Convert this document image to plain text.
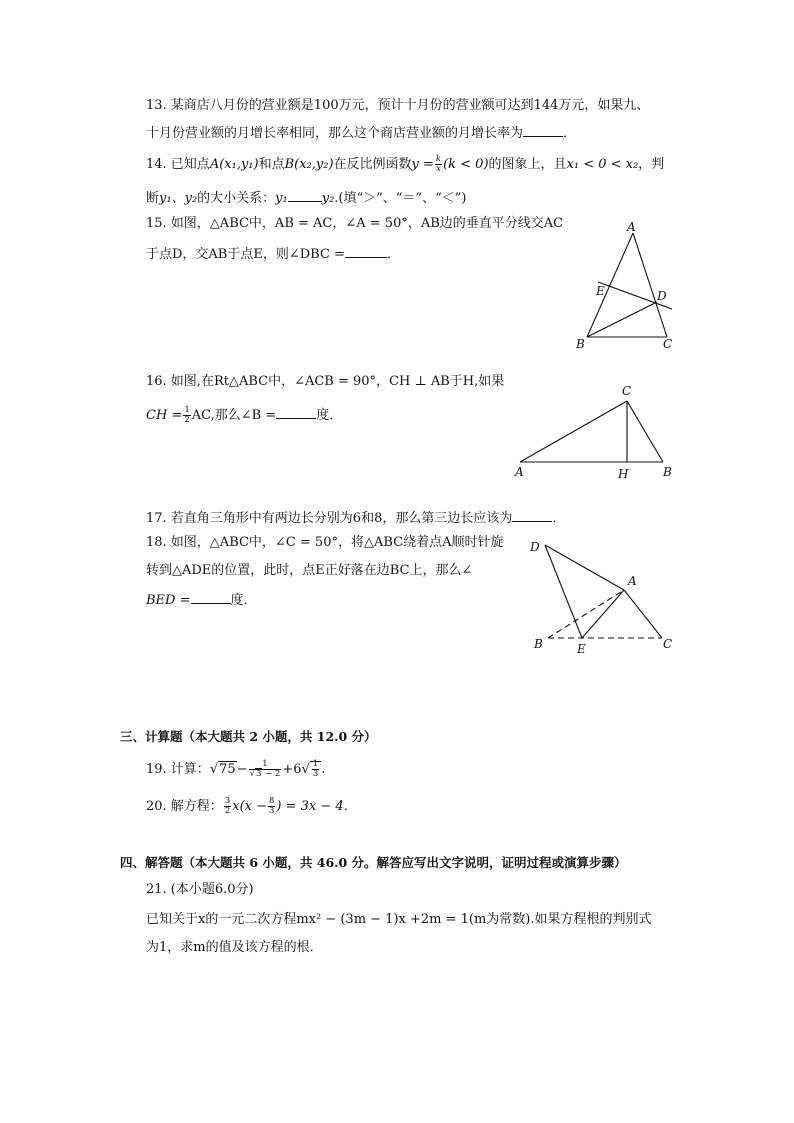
13. 某商店八月份的营业额是100万元，预计十月份的营业额可达到144万元，如果九、
十月份营业额的月增长率相同，那么这个商店营业额的月增长率为	．
14. 已知点A(x₁,y₁)和点B(x₂,y₂)在反比例函数$y = \frac{k}{x} (k < 0)$的图象上，且x₁ < 0 < x₂，判
断y₁、y₂的大小关系：y₁	y₂.(填“＞”、“＝”、“＜”)
15. 如图，△ABC中，AB = AC，∠A = 50°，AB边的垂直平分线交AC
于点D，交AB于点E，则∠DBC =	．
A
B	C
D
E
16. 如图,在Rt△ABC中，∠ACB = 90°，CH ⊥ AB于H,如果
CH = $\frac{1}{2}$ AC,那么∠B =	度．
A	B
C
H
17. 若直角三角形中有两边长分别为6和8，那么第三边长应该为	．
18. 如图，△ABC中，∠C = 50°，将△ABC绕着点A顺时针旋
转到△ADE的位置，此时，点E正好落在边BC上，那么∠
BED =	度．
D
A
B	E	C
三、计算题（本大题共 2 小题，共 12.0 分）
19. 计算：$√75- \frac{1}{√3 - 2} +6√ \frac{1}{3}$ .
20. 解方程： $\frac{3}{2} x(x - \frac{8}{3}$ ) = 3x − 4．
四、解答题（本大题共 6 小题，共 46.0 分。解答应写出文字说明，证明过程或演算步骤）
21. (本小题6.0分)
已知关于x的一元二次方程mx² − (3m − 1)x +2m = 1(m为常数).如果方程根的判别式
为1，求m的值及该方程的根．
